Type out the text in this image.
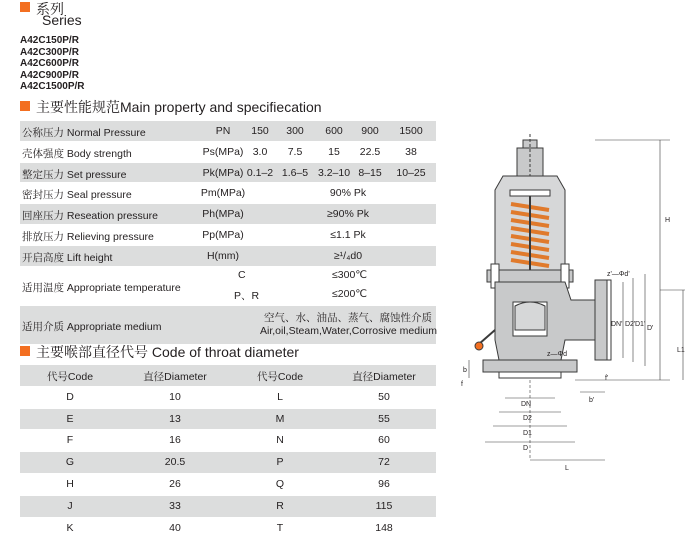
系列
Series
A42C150P/R
A42C300P/R
A42C600P/R
A42C900P/R
A42C1500P/R
主要性能规范Main property and specifiecation
公称压力 Normal Pressure	PN	150	300	600	900	1500
壳体强度 Body strength	Ps(MPa) 3.0	7.5	15	22.5	38
整定压力 Set pressure	Pk(MPa) 0.1–2 1.6–5 3.2–10 8–15	10–25
密封压力 Seal pressure	Pm(MPa)	90% Pk
回座压力 Reseation pressure	Ph(MPa)	≥90% Pk
排放压力 Relieving pressure	Pp(MPa)	≤1.1 Pk
开启高度 Lift height	H(mm)	≥¹/₄d0
适用温度 Appropriate temperature
C	≤300℃
P、R	≤200℃
适用介质 Appropriate medium
空气、水、油品、蒸气、腐蚀性介质
Air,oil,Steam,Water,Corrosive medium
主要喉部直径代号 Code of throat diameter
代号Code	直径Diameter	代号Code	直径Diameter
D	10	L	50
E	13	M	55
F	16	N	60
G	20.5	P	72
H	26	Q	96
J	33	R	115
K	40	T	148
H
L1
L
D
D1
D2
DN
D'
D1'
D2'
DN'
b
b'
f
f'
z—Φd
z'—Φd'
